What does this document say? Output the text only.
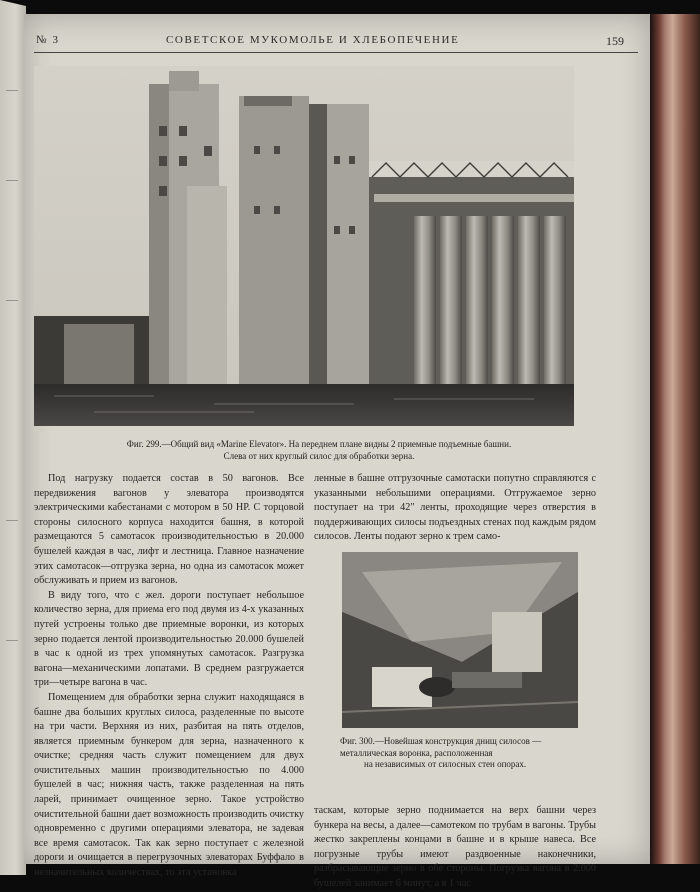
№ 3	СОВЕТСКОЕ МУКОМОЛЬЕ И ХЛЕБОПЕЧЕНИЕ	159
Фиг. 299.—Общий вид «Marine Elevator». На переднем плане видны 2 приемные подъемные башни.
Слева от них круглый силос для обработки зерна.

Под нагрузку подается состав в 50 вагонов. Все передвижения вагонов у элеватора производятся электрическими кабестанами с мотором в 50 НР. С торцовой стороны силосного корпуса находится башня, в которой размещаются 5 самотасок производительностью в 20.000 бушелей каждая в час, лифт и лестница. Главное назначение этих самотасок—отгрузка зерна, но одна из самотасок может обслуживать и прием из вагонов.

В виду того, что с жел. дороги поступает небольшое количество зерна, для приема его под двумя из 4-х указанных путей устроены только две приемные воронки, из которых зерно подается лентой производительностью 20.000 бушелей в час к одной из трех упомянутых самотасок. Разгрузка вагона—механическими лопатами. В среднем разгружается три—четыре вагона в час.

Помещением для обработки зерна служит находящаяся в башне два больших круглых силоса, разделенные по высоте на три части. Верхняя из них, разбитая на пять отделов, является приемным бункером для зерна, назначенного к очистке; средняя часть служит помещением для двух очистительных машин производительностью по 4.000 бушелей в час; нижняя часть, также разделенная на пять ларей, принимает очищенное зерно. Такое устройство очистительной башни дает возможность производить очистку одновременно с другими операциями элеватора, не задевая все время самотасок. Так как зерно поступает с железной дороги и очищается в перегрузочных элеваторах Буффало в незначительных количествах, то эта установка

ленные в башне отгрузочные самотаски попутно справляются с указанными небольшими операциями. Отгружаемое зерно поступает на три 42" ленты, проходящие через отверстия в поддерживающих силосы подъездных стенах под каждым рядом силосов. Ленты подают зерно к трем само-

Фиг. 300.—Новейшая конструкция днищ силосов — металлическая воронка, расположенная
на независимых от силосных стен опорах.

таскам, которые зерно поднимается на верх башни через бункера на весы, а далее—самотеком по трубам в вагоны. Трубы жестко закреплены концами в башне и в крыше навеса. Все погрузные трубы имеют раздвоенные наконечники, разбрасывающие зерно в обе стороны. Погрузка вагона в 2.000 бушелей занимает 6 минут, а в 1 час
